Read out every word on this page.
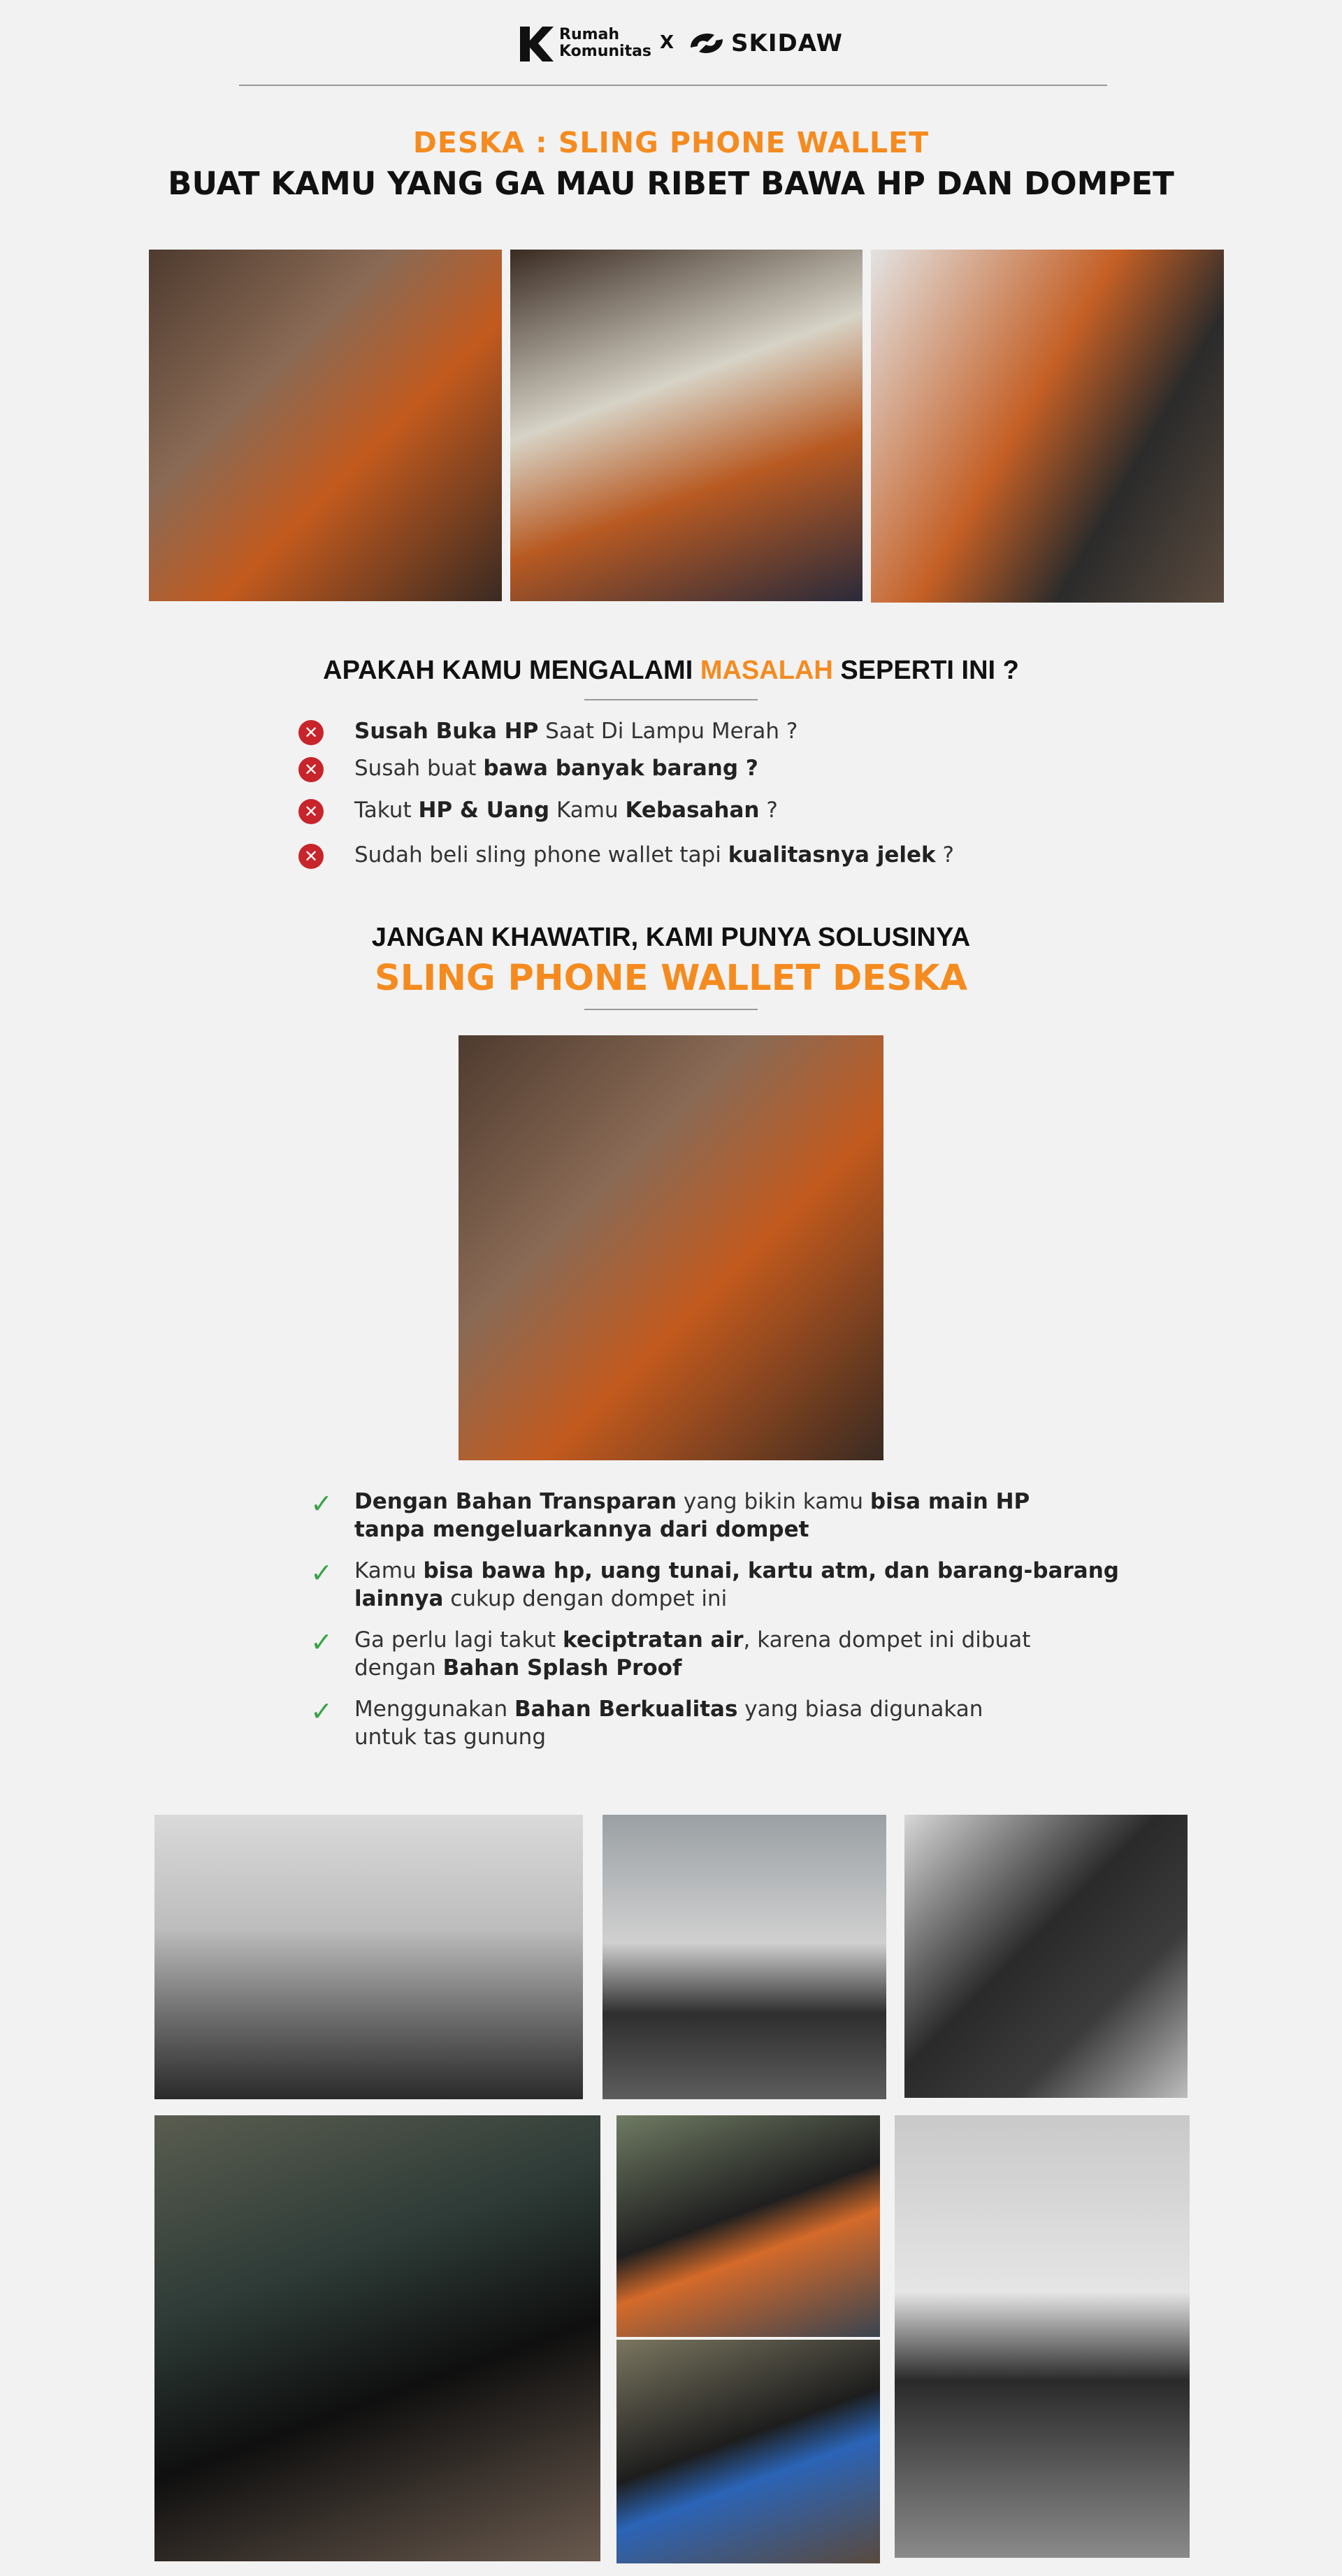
Rumah
Komunitas X SKIDAW
DESKA : SLING PHONE WALLET
BUAT KAMU YANG GA MAU RIBET BAWA HP DAN DOMPET
APAKAH KAMU MENGALAMI MASALAH SEPERTI INI ?
✕ Susah Buka HP Saat Di Lampu Merah ?
✕ Susah buat bawa banyak barang ?
✕ Takut HP & Uang Kamu Kebasahan ?
✕ Sudah beli sling phone wallet tapi kualitasnya jelek ?
JANGAN KHAWATIR, KAMI PUNYA SOLUSINYA
SLING PHONE WALLET DESKA
✓ Dengan Bahan Transparan yang bikin kamu bisa main HP
tanpa mengeluarkannya dari dompet
✓ Kamu bisa bawa hp, uang tunai, kartu atm, dan barang-barang
lainnya cukup dengan dompet ini
✓ Ga perlu lagi takut keciptratan air, karena dompet ini dibuat
dengan Bahan Splash Proof
✓ Menggunakan Bahan Berkualitas yang biasa digunakan
untuk tas gunung
